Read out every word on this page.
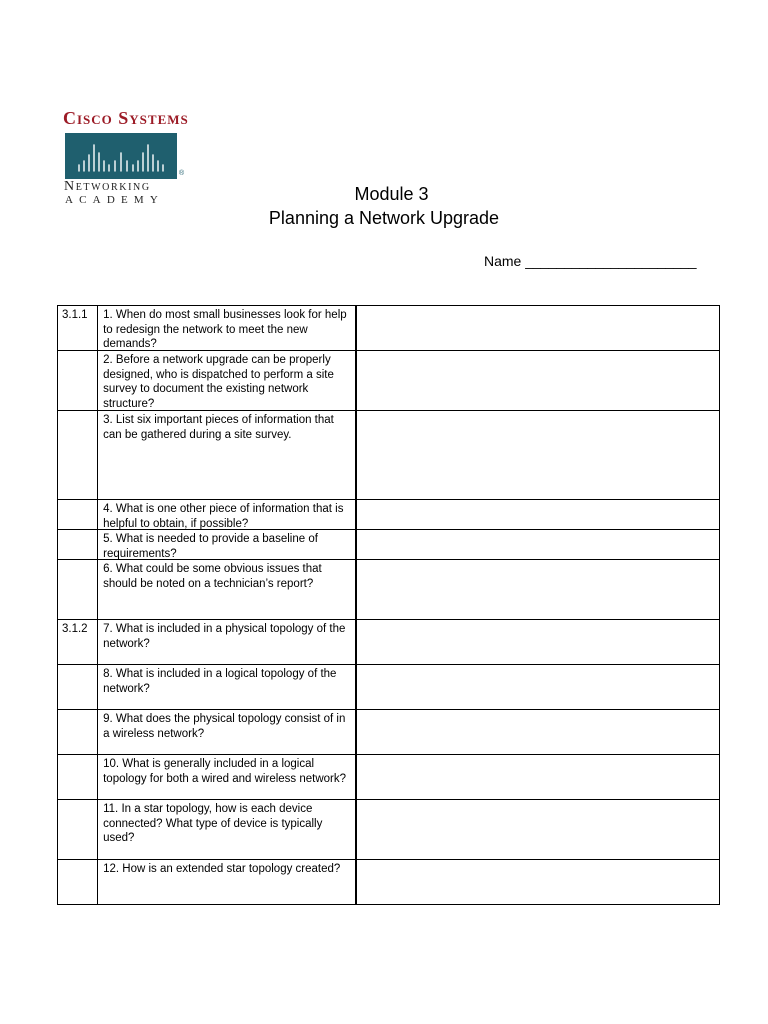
Cisco Systems
®
Networking
ACADEMY	Module 3
Planning a Network Upgrade
Name ______________________
3.1.1	1. When do most small businesses look for help to redesign the network to meet the new demands?	

	2. Before a network upgrade can be properly designed, who is dispatched to perform a site survey to document the existing network structure?	

	3. List six important pieces of information that can be gathered during a site survey.	

	4. What is one other piece of information that is helpful to obtain, if possible?	

	5. What is needed to provide a baseline of requirements?	

	6. What could be some obvious issues that should be noted on a technician’s report?	

3.1.2	7. What is included in a physical topology of the network?	

	8. What is included in a logical topology of the network?	

	9. What does the physical topology consist of in a wireless network?	

	10. What is generally included in a logical topology for both a wired and wireless network?	

	11. In a star topology, how is each device connected? What type of device is typically used?	

	12. How is an extended star topology created?	
